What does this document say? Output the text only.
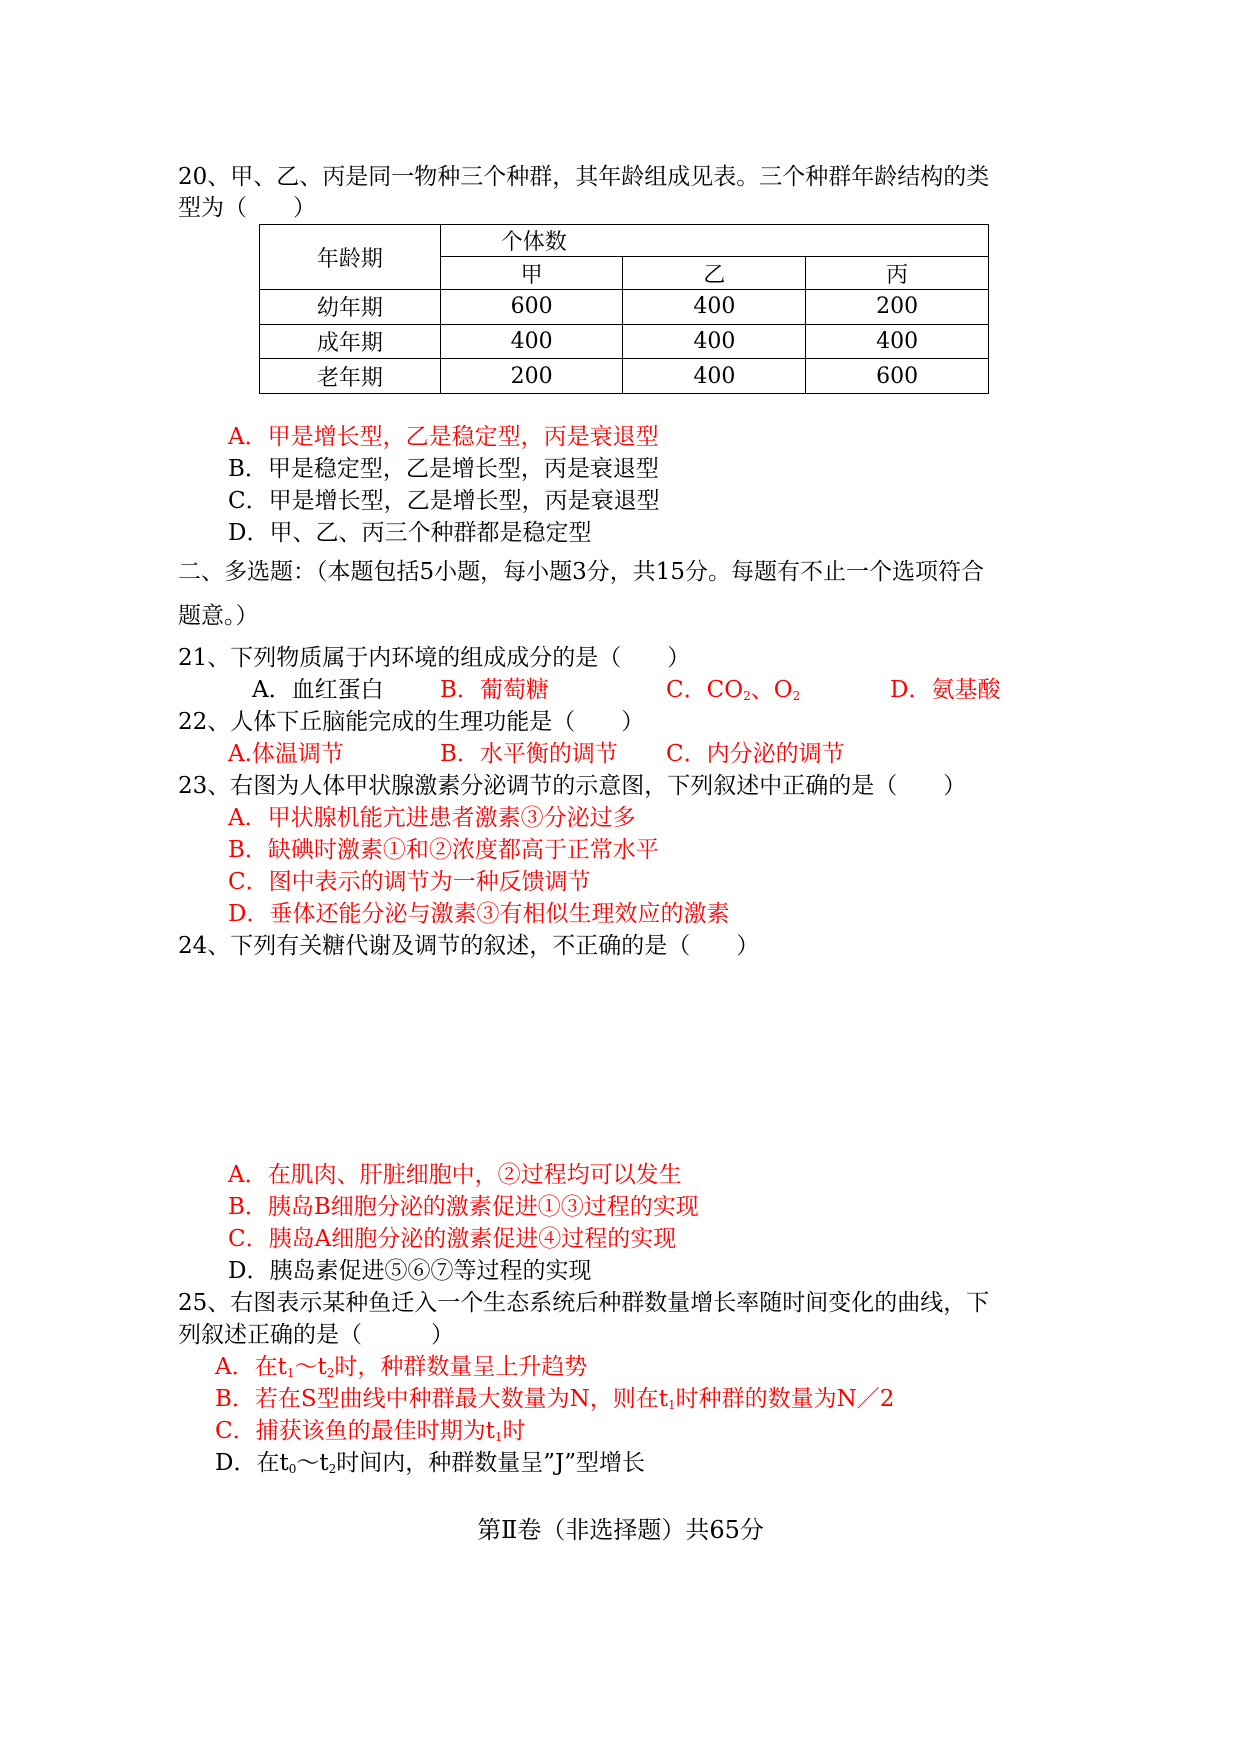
20、甲、乙、丙是同一物种三个种群，其年龄组成见表。三个种群年龄结构的类
型为（　　）
年龄期	个体数		
	甲	乙	丙
幼年期	600	400	200
成年期	400	400	400
老年期	200	400	600
A．甲是增长型，乙是稳定型，丙是衰退型
B．甲是稳定型，乙是增长型，丙是衰退型
C．甲是增长型，乙是增长型，丙是衰退型
D．甲、乙、丙三个种群都是稳定型
二、多选题：（本题包括5小题，每小题3分，共15分。每题有不止一个选项符合
题意。）
21、下列物质属于内环境的组成成分的是（　　）
A．血红蛋白 B．葡萄糖	C．$CO_2$、$O_2$	D．氨基酸
22、人体下丘脑能完成的生理功能是（　　）
A.体温调节	B．水平衡的调节 C．内分泌的调节
23、右图为人体甲状腺激素分泌调节的示意图，下列叙述中正确的是（　　）
A．甲状腺机能亢进患者激素③分泌过多
B．缺碘时激素①和②浓度都高于正常水平
C．图中表示的调节为一种反馈调节
D．垂体还能分泌与激素③有相似生理效应的激素
24、下列有关糖代谢及调节的叙述，不正确的是（　　）
A．在肌肉、肝脏细胞中，②过程均可以发生
B．胰岛B细胞分泌的激素促进①③过程的实现
C．胰岛A细胞分泌的激素促进④过程的实现
D．胰岛素促进⑤⑥⑦等过程的实现
25、右图表示某种鱼迁入一个生态系统后种群数量增长率随时间变化的曲线，下
列叙述正确的是（　　　）
A．在$t_1\sim t_2$时，种群数量呈上升趋势
B．若在S型曲线中种群最大数量为N，则在$t_1$时种群的数量为N／2
C．捕获该鱼的最佳时期为$t_1$时
D．在$t_0\sim t_2$时间内，种群数量呈”J”型增长
第Ⅱ卷（非选择题）共65分
